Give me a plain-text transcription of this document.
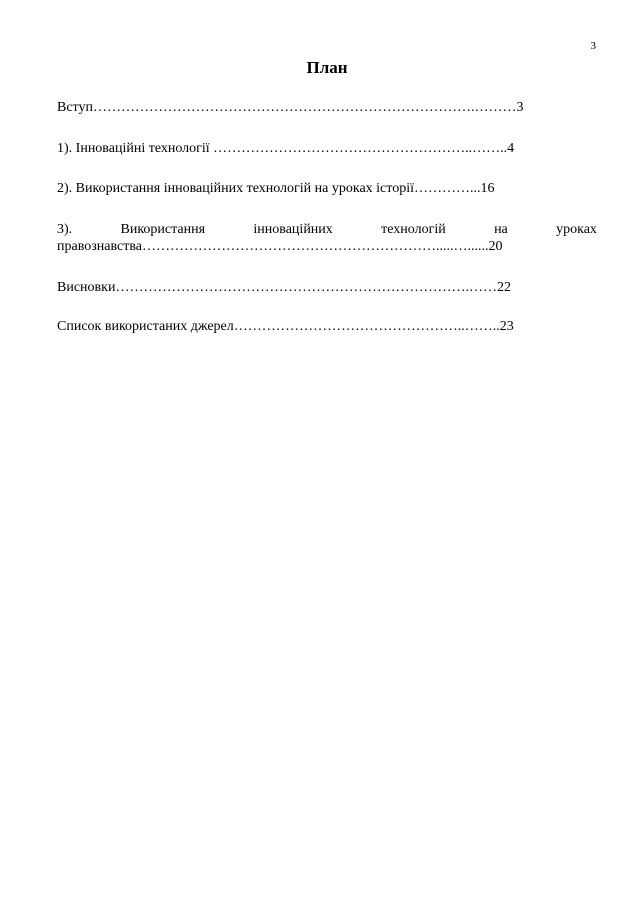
3
План
Вступ……………………………………………………………………….………3
1). Інноваційні технології ………………………………………………..……..4
2). Використання інноваційних технологій на уроках історії…………...16
3).	Використання	інноваційних	технологій	на	уроках
правознавства……………………………………………………….....…......20
Висновки………………………………………………………………….……22
Список використаних джерел…………………………………………..……..23
